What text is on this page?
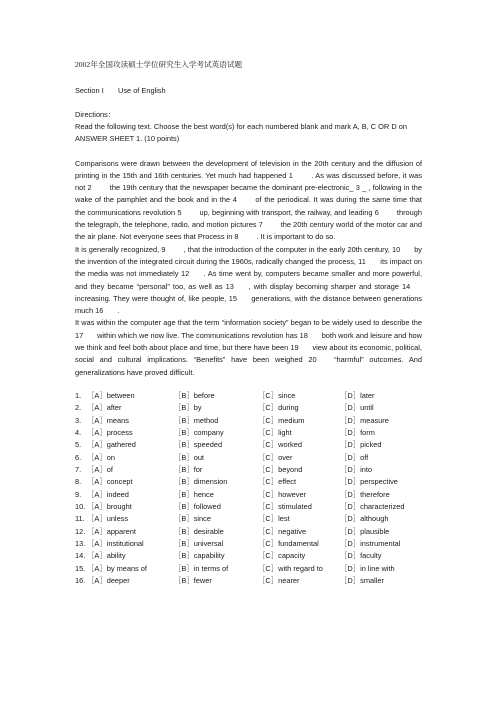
2002年全国攻读硕士学位研究生入学考试英语试题

Section I Use of English
Directions：
Read the following text. Choose the best word(s) for each numbered blank and mark A, B, C OR D on ANSWER SHEET 1. (10 points)

Comparisons were drawn between the development of television in the 20th century and the diffusion of printing in the 15th and 16th centuries. Yet much had happened 1 . As was discussed before, it was not 2 the 19th century that the newspaper became the dominant pre-electronic_ 3 _ , following in the wake of the pamphlet and the book and in the 4	of the periodical. It was during the same time that the communications revolution 5 up, beginning with transport, the railway, and leading 6 through the telegraph, the telephone, radio, and motion pictures 7 the 20th century world of the motor car and the air plane. Not everyone sees that Process in 8 . It is important to do so.

It is generally recognized, 9 , that the introduction of the computer in the early 20th century, 10 by the invention of the integrated circuit during the 1960s, radically changed the process, 11 its impact on the media was not immediately 12 . As time went by, computers became smaller and more powerful, and they became “personal” too, as well as 13 , with display becoming sharper and storage 14 increasing. They were thought of, like people, 15 generations, with the distance between generations much 16 .

It was within the computer age that the term “information society” began to be widely used to describe the 17 within which we now live. The communications revolution has 18 both work and leisure and how we think and feel both about place and time, but there have been 19 view about its economic, political, social and cultural implications. “Benefits” have been weighed 20 “harmful” outcomes. And generalizations have proved difficult.

1. ［A］between	［B］before	［C］since	［D］later
2. ［A］after	［B］by	［C］during	［D］until
3. ［A］means	［B］method	［C］medium	［D］measure
4. ［A］process	［B］company	［C］light	［D］form
5. ［A］gathered	［B］speeded	［C］worked	［D］picked
6. ［A］on	［B］out	［C］over	［D］off
7. ［A］of	［B］for	［C］beyond	［D］into
8. ［A］concept	［B］dimension	［C］effect	［D］perspective
9. ［A］indeed	［B］hence	［C］however	［D］therefore
10. ［A］brought	［B］followed	［C］stimulated	［D］characterized
11. ［A］unless	［B］since	［C］lest	［D］although
12. ［A］apparent	［B］desirable	［C］negative	［D］plausible
13. ［A］institutional	［B］universal	［C］fundamental	［D］instrumental
14. ［A］ability	［B］capability	［C］capacity	［D］faculty
15. ［A］by means of	［B］in terms of	［C］with regard to ［D］in line with
16. ［A］deeper	［B］fewer	［C］nearer	［D］smaller
